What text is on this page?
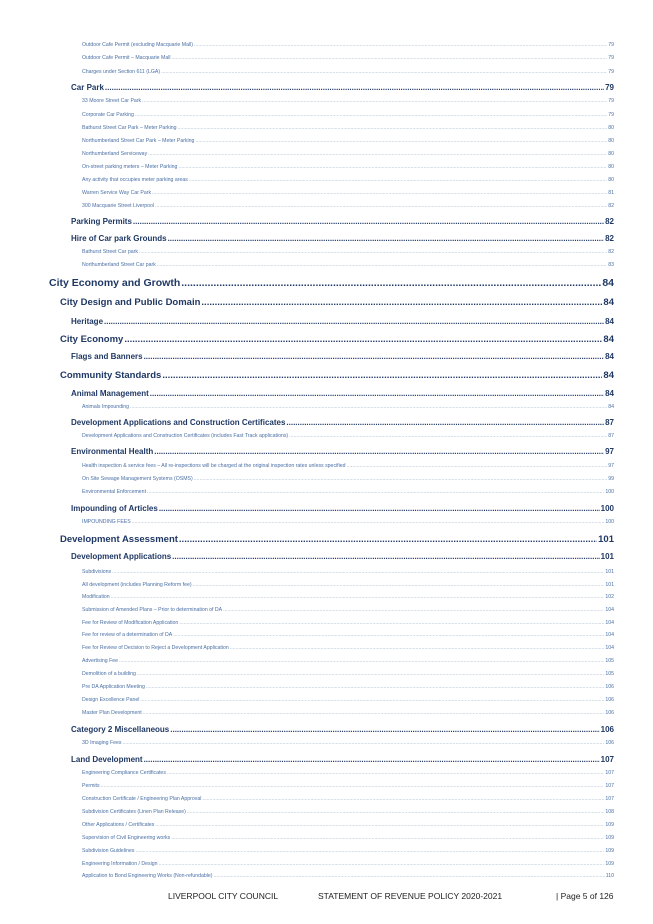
Outdoor Cafe Permit (excluding Macquarie Mall) .....	79
Outdoor Cafe Permit – Macquarie Mall .....	79
Charges under Section 611 (LGA) .....	79
Car Park .....	79
33 Moore Street Car Park .....	79
Corporate Car Parking .....	79
Bathurst Street Car Park – Meter Parking .....	80
Northumberland Street Car Park – Meter Parking .....	80
Northumberland Serviceway .....	80
On-street parking meters – Meter Parking .....	80
Any activity that occupies meter parking areas .....	80
Warren Service Way Car Park .....	81
300 Macquarie Street Liverpool .....	82
Parking Permits .....	82
Hire of Car park Grounds .....	82
Bathurst Street Car park .....	82
Northumberland Street Car park .....	83
City Economy and Growth .....	84
City Design and Public Domain .....	84
Heritage .....	84
City Economy .....	84
Flags and Banners .....	84
Community Standards .....	84
Animal Management .....	84
Animals Impounding .....	84
Development Applications and Construction Certificates .....	87
Development Applications and Construction Certificates (includes Fast Track applications) .....	87
Environmental Health .....	97
Health inspection & service fees – All re-inspections will be charged at the original inspection rates unless specified .....	97
On Site Sewage Management Systems (OSMS) .....	99
Environmental Enforcement .....	100
Impounding of Articles .....	100
IMPOUNDING FEES .....	100
Development Assessment .....	101
Development Applications .....	101
Subdivisions .....	101
All development (includes Planning Reform fee) .....	101
Modification .....	102
Submission of Amended Plans – Prior to determination of DA .....	104
Fee for Review of Modification Application .....	104
Fee for review of a determination of DA .....	104
Fee for Review of Decision to Reject a Development Application .....	104
Advertising Fee .....	105
Demolition of a building .....	105
Pre DA Application Meeting .....	106
Design Excellence Panel .....	106
Master Plan Development .....	106
Category 2 Miscellaneous .....	106
3D Imaging Fees .....	106
Land Development .....	107
Engineering Compliance Certificates .....	107
Permits .....	107
Construction Certificate / Engineering Plan Approval .....	107
Subdivision Certificates (Linen Plan Release) .....	108
Other Applications / Certificates .....	109
Supervision of Civil Engineering works .....	109
Subdivision Guidelines .....	109
Engineering Information / Design .....	109
Application to Bond Engineering Works (Non-refundable) .....	110
LIVERPOOL CITY COUNCIL	STATEMENT OF REVENUE POLICY 2020-2021	| Page 5 of 126
